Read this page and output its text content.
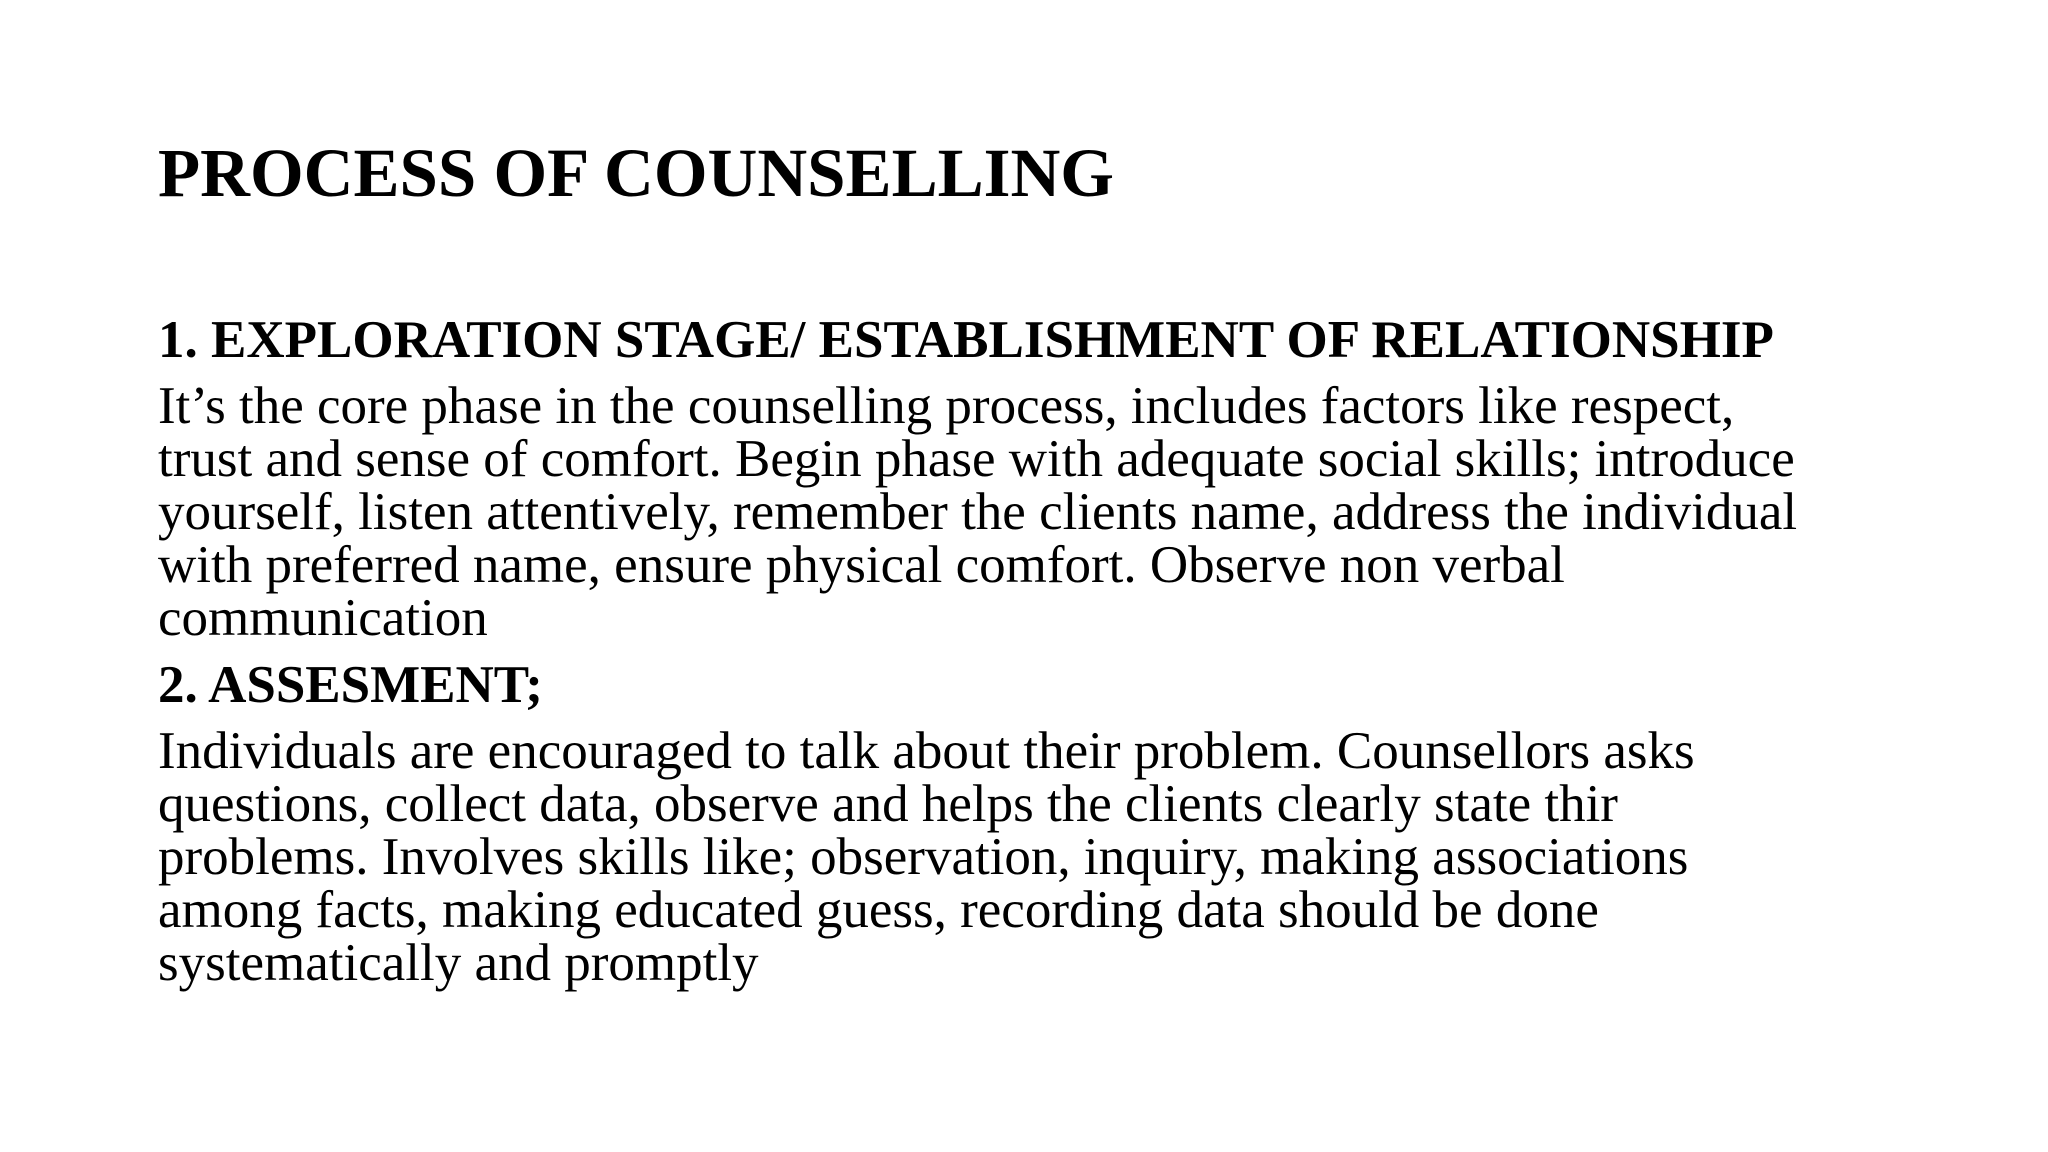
PROCESS OF COUNSELLING
1. EXPLORATION STAGE/ ESTABLISHMENT OF RELATIONSHIP

It’s the core phase in the counselling process, includes factors like respect,
trust and sense of comfort. Begin phase with adequate social skills; introduce
yourself, listen attentively, remember the clients name, address the individual
with preferred name, ensure physical comfort. Observe non verbal
communication

2. ASSESMENT;

Individuals are encouraged to talk about their problem. Counsellors asks
questions, collect data, observe and helps the clients clearly state thir
problems. Involves skills like; observation, inquiry, making associations
among facts, making educated guess, recording data should be done
systematically and promptly
